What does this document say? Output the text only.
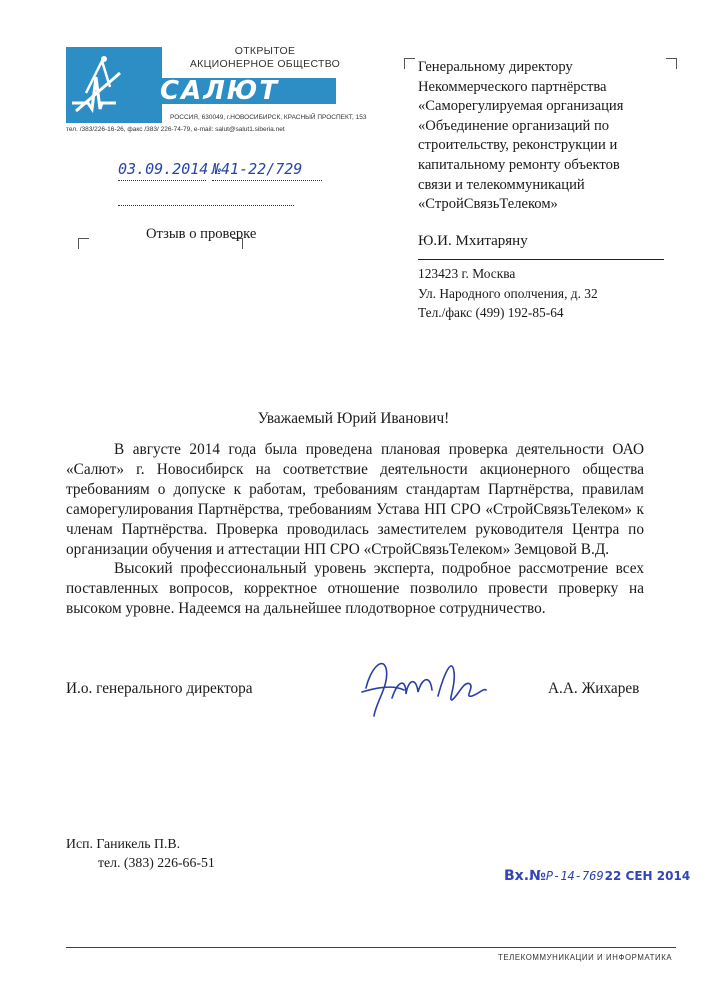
ОТКРЫТОЕ
АКЦИОНЕРНОЕ ОБЩЕСТВО
САЛЮТ
РОССИЯ, 630049, г.НОВОСИБИРСК, КРАСНЫЙ ПРОСПЕКТ, 153
тел. /383/226-16-26, факс /383/ 226-74-79, e-mail: salut@salut1.siberia.net
03.09.2014 №41-22/729
Отзыв о проверке
Генеральному директору
Некоммерческого партнёрства
«Саморегулируемая организация
«Объединение организаций по
строительству, реконструкции и
капитальному ремонту объектов
связи и телекоммуникаций
«СтройСвязьТелеком»
Ю.И. Мхитаряну
123423 г. Москва
Ул. Народного ополчения, д. 32
Тел./факс (499) 192-85-64
Уважаемый Юрий Иванович!

В августе 2014 года была проведена плановая проверка деятельности ОАО «Салют» г. Новосибирск на соответствие деятельности акционерного общества требованиям о допуске к работам, требованиям стандартам Партнёрства, правилам саморегулирования Партнёрства, требованиям Устава НП СРО «СтройСвязьТелеком» к членам Партнёрства. Проверка проводилась заместителем руководителя Центра по организации обучения и аттестации НП СРО «СтройСвязьТелеком» Земцовой В.Д.

Высокий профессиональный уровень эксперта, подробное рассмотрение всех поставленных вопросов, корректное отношение позволило провести проверку на высоком уровне. Надеемся на дальнейшее плодотворное сотрудничество.

И.о. генерального директора	А.А. Жихарев
Исп. Ганикель П.В.
тел. (383) 226-66-51
Вх.№Р-14-76922 СЕН 2014
ТЕЛЕКОММУНИКАЦИИ И ИНФОРМАТИКА
